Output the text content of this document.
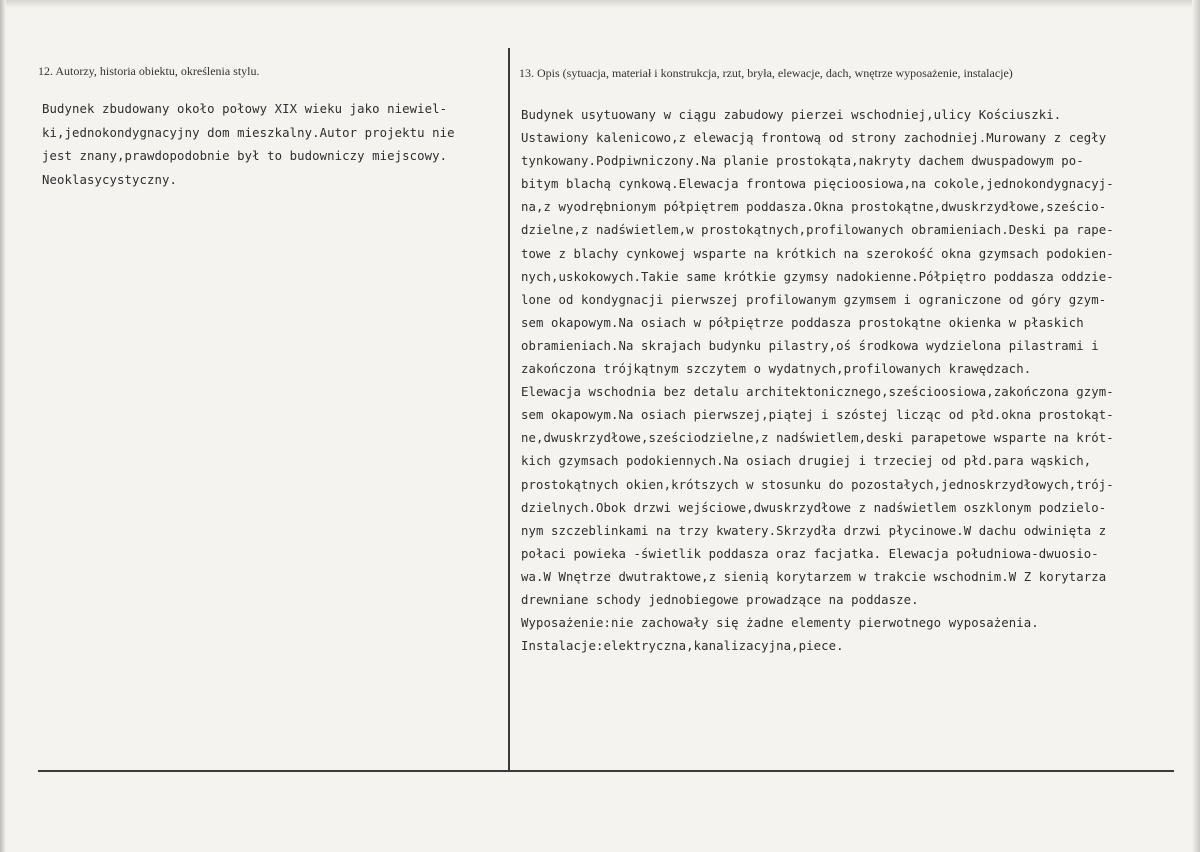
12. Autorzy, historia obiektu, określenia stylu.	13. Opis (sytuacja, materiał i konstrukcja, rzut, bryła, elewacje, dach, wnętrze wyposażenie, instalacje)
Budynek zbudowany około połowy XIX wieku jako niewiel-
ki,jednokondygnacyjny dom mieszkalny.Autor projektu nie
jest znany,prawdopodobnie był to budowniczy miejscowy.
Neoklasycystyczny.
Budynek usytuowany w ciągu zabudowy pierzei wschodniej,ulicy Kościuszki.
Ustawiony kalenicowo,z elewacją frontową od strony zachodniej.Murowany z cegły
tynkowany.Podpiwniczony.Na planie prostokąta,nakryty dachem dwuspadowym po-
bitym blachą cynkową.Elewacja frontowa pięcioosiowa,na cokole,jednokondygnacyj-
na,z wyodrębnionym półpiętrem poddasza.Okna prostokątne,dwuskrzydłowe,sześcio-
dzielne,z nadświetlem,w prostokątnych,profilowanych obramieniach.Deski pa rape-
towe z blachy cynkowej wsparte na krótkich na szerokość okna gzymsach podokien-
nych,uskokowych.Takie same krótkie gzymsy nadokienne.Półpiętro poddasza oddzie-
lone od kondygnacji pierwszej profilowanym gzymsem i ograniczone od góry gzym-
sem okapowym.Na osiach w półpiętrze poddasza prostokątne okienka w płaskich
obramieniach.Na skrajach budynku pilastry,oś środkowa wydzielona pilastrami i
zakończona trójkątnym szczytem o wydatnych,profilowanych krawędzach.
Elewacja wschodnia bez detalu architektonicznego,sześcioosiowa,zakończona gzym-
sem okapowym.Na osiach pierwszej,piątej i szóstej licząc od płd.okna prostokąt-
ne,dwuskrzydłowe,sześciodzielne,z nadświetlem,deski parapetowe wsparte na krót-
kich gzymsach podokiennych.Na osiach drugiej i trzeciej od płd.para wąskich,
prostokątnych okien,krótszych w stosunku do pozostałych,jednoskrzydłowych,trój-
dzielnych.Obok drzwi wejściowe,dwuskrzydłowe z nadświetlem oszklonym podzielo-
nym szczeblinkami na trzy kwatery.Skrzydła drzwi płycinowe.W dachu odwinięta z
połaci powieka -świetlik poddasza oraz facjatka. Elewacja południowa-dwuosio-
wa.W Wnętrze dwutraktowe,z sienią korytarzem w trakcie wschodnim.W Z korytarza
drewniane schody jednobiegowe prowadzące na poddasze.
Wyposażenie:nie zachowały się żadne elementy pierwotnego wyposażenia.
Instalacje:elektryczna,kanalizacyjna,piece.
